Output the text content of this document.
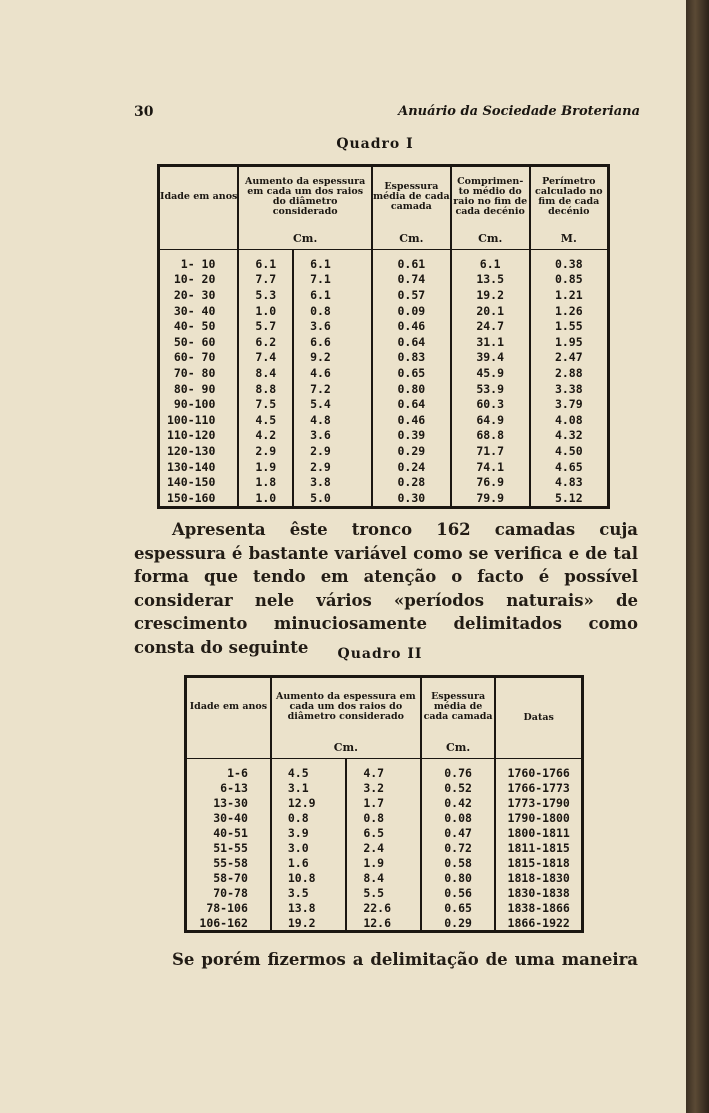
30	Anuário da Sociedade Broteriana
Quadro I
Idade em anos	Aumento da espessura em cada um dos raios do diâmetro considerado		Espessura média de cada camada	Comprimen-to médio do raio no fim de cada decénio	Perímetro calculado no fim de cada decénio
	Cm.		Cm.	Cm.	M.

1- 10	6.1	6.1	0.61	6.1	0.38
10- 20	7.7	7.1	0.74	13.5	0.85
20- 30	5.3	6.1	0.57	19.2	1.21
30- 40	1.0	0.8	0.09	20.1	1.26
40- 50	5.7	3.6	0.46	24.7	1.55
50- 60	6.2	6.6	0.64	31.1	1.95
60- 70	7.4	9.2	0.83	39.4	2.47
70- 80	8.4	4.6	0.65	45.9	2.88
80- 90	8.8	7.2	0.80	53.9	3.38
90-100	7.5	5.4	0.64	60.3	3.79
100-110	4.5	4.8	0.46	64.9	4.08
110-120	4.2	3.6	0.39	68.8	4.32
120-130	2.9	2.9	0.29	71.7	4.50
130-140	1.9	2.9	0.24	74.1	4.65
140-150	1.8	3.8	0.28	76.9	4.83
150-160	1.0	5.0	0.30	79.9	5.12
Apresenta êste tronco 162 camadas cuja espessura é bastante variável como se verifica e de tal forma que tendo em atenção o facto é possível considerar nele vários «períodos naturais» de crescimento minuciosamente delimitados como consta do seguinte	Quadro II
Idade em anos	Aumento da espessura em cada um dos raios do diâmetro considerado		Espessura média de cada camada	Datas
	Cm.		Cm.	

1-6	4.5	4.7	0.76	1760-1766
6-13	3.1	3.2	0.52	1766-1773
13-30	12.9	1.7	0.42	1773-1790
30-40	0.8	0.8	0.08	1790-1800
40-51	3.9	6.5	0.47	1800-1811
51-55	3.0	2.4	0.72	1811-1815
55-58	1.6	1.9	0.58	1815-1818
58-70	10.8	8.4	0.80	1818-1830
70-78	3.5	5.5	0.56	1830-1838
78-106	13.8	22.6	0.65	1838-1866
106-162	19.2	12.6	0.29	1866-1922
Se porém fizermos a delimitação de uma maneira
